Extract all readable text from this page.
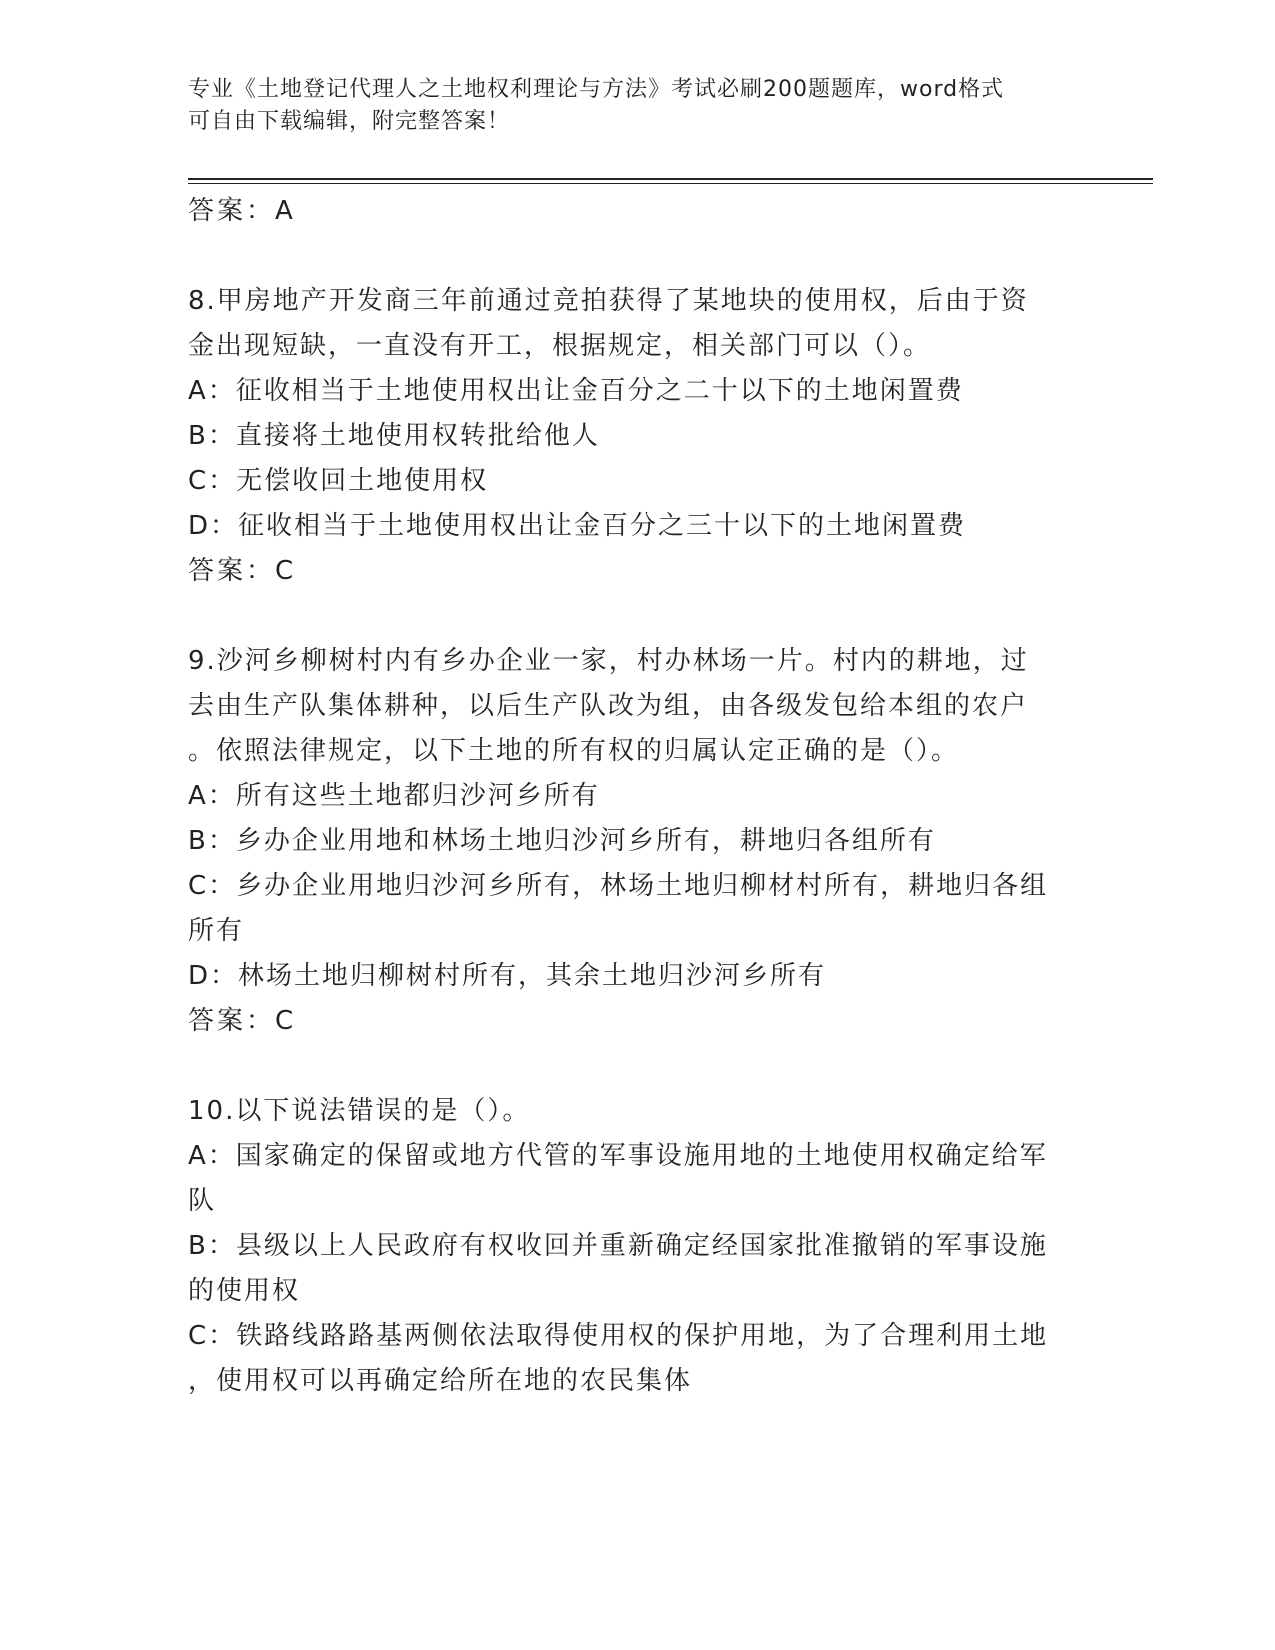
专业《土地登记代理人之土地权利理论与方法》考试必刷200题题库，word格式
可自由下载编辑，附完整答案！
答案：A
8.甲房地产开发商三年前通过竞拍获得了某地块的使用权，后由于资
金出现短缺，一直没有开工，根据规定，相关部门可以（）。
A：征收相当于土地使用权出让金百分之二十以下的土地闲置费
B：直接将土地使用权转批给他人
C：无偿收回土地使用权
D：征收相当于土地使用权出让金百分之三十以下的土地闲置费
答案：C
9.沙河乡柳树村内有乡办企业一家，村办林场一片。村内的耕地，过
去由生产队集体耕种，以后生产队改为组，由各级发包给本组的农户
。依照法律规定，以下土地的所有权的归属认定正确的是（）。
A：所有这些土地都归沙河乡所有
B：乡办企业用地和林场土地归沙河乡所有，耕地归各组所有
C：乡办企业用地归沙河乡所有，林场土地归柳材村所有，耕地归各组
所有
D：林场土地归柳树村所有，其余土地归沙河乡所有
答案：C
10.以下说法错误的是（）。
A：国家确定的保留或地方代管的军事设施用地的土地使用权确定给军
队
B：县级以上人民政府有权收回并重新确定经国家批准撤销的军事设施
的使用权
C：铁路线路路基两侧依法取得使用权的保护用地，为了合理利用土地
，使用权可以再确定给所在地的农民集体
